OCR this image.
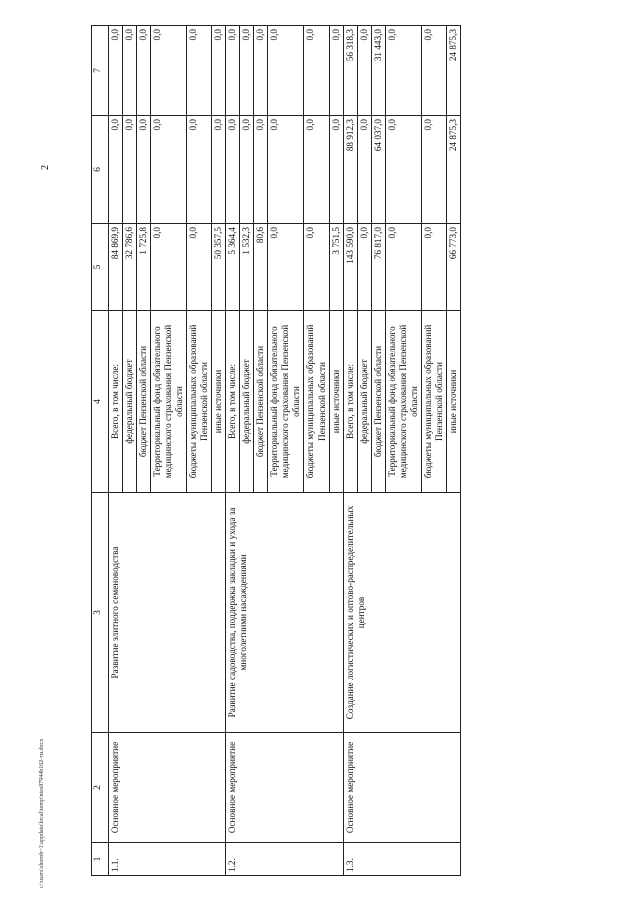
2
1	2	3	4	5	6	7
1.1.	Основное мероприятие	Развитие элитного семеноводства	Всего, в том числе:	84 869,9	0,0	0,0
			федеральный бюджет	32 786,6	0,0	0,0
			бюджет Пензенской области	1 725,8	0,0	0,0
			Территориальный фонд обязательного медицинского страхования Пензенской области	0,0	0,0	0,0
			бюджеты муниципальных образований Пензенской области	0,0	0,0	0,0
			иные источники	50 357,5	0,0	0,0
1.2.	Основное мероприятие	Развитие садоводства, поддержка закладки и ухода за многолетними насаждениями	Всего, в том числе:	5 364,4	0,0	0,0
			федеральный бюджет	1 532,3	0,0	0,0
			бюджет Пензенской области	80,6	0,0	0,0
			Территориальный фонд обязательного медицинского страхования Пензенской области	0,0	0,0	0,0
			бюджеты муниципальных образований Пензенской области	0,0	0,0	0,0
			иные источники	3 751,5	0,0	0,0
1.3.	Основное мероприятие	Создание логистических и оптово-распределительных центров	Всего, в том числе:	143 590,0	88 912,3	56 318,3
			федеральный бюджет	0,0	0,0	0,0
			бюджет Пензенской области	76 817,0	64 037,0	31 443,0
			Территориальный фонд обязательного медицинского страхования Пензенской области	0,0	0,0	0,0
			бюджеты муниципальных образований Пензенской области	0,0	0,0	0,0
			иные источники	66 773,0	24 875,3	24 875,3
c:\users\shorob~1\appdata\local\temp\ntes87944b162-ти.docx
